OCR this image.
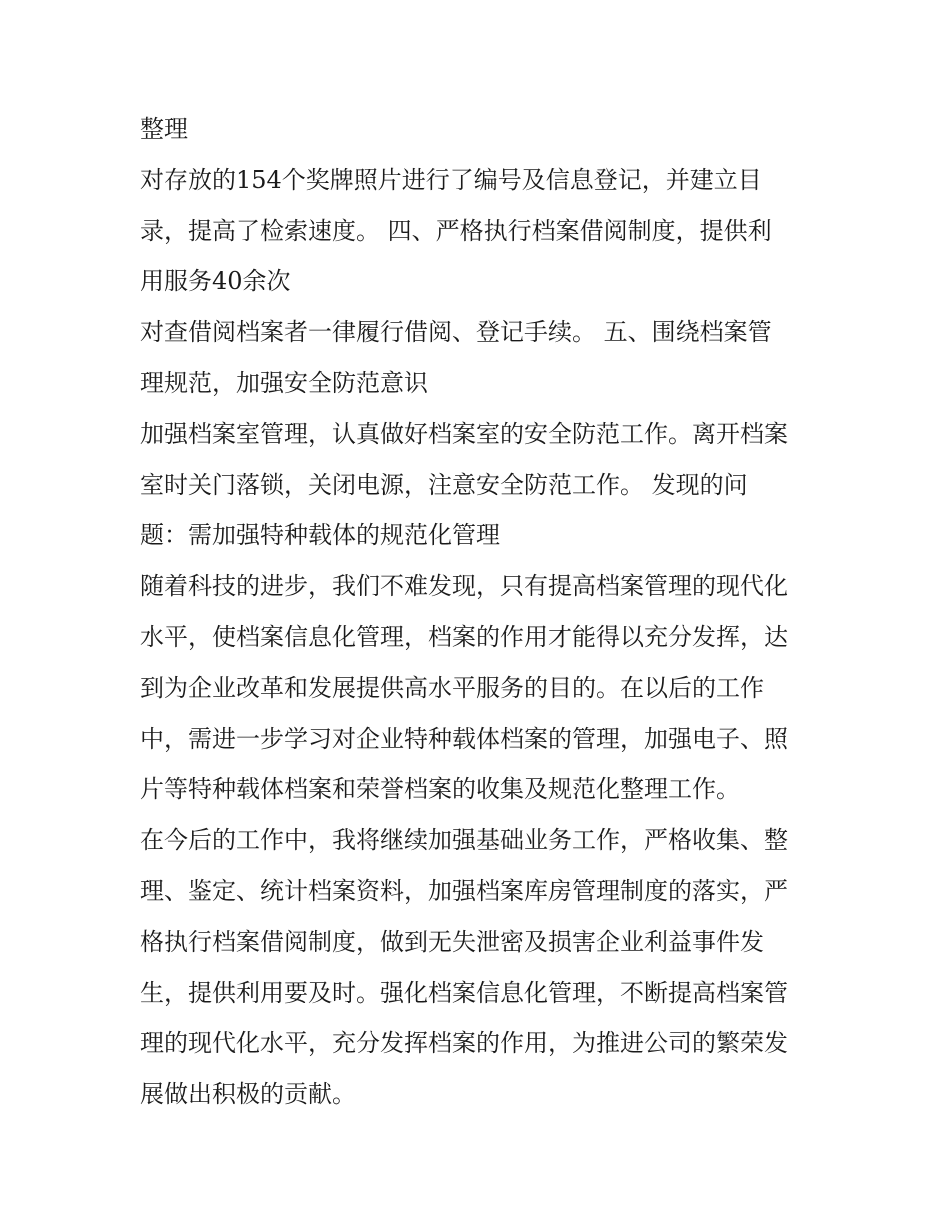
整理
对存放的154个奖牌照片进行了编号及信息登记，并建立目
录，提高了检索速度。 四、严格执行档案借阅制度，提供利
用服务40余次
对查借阅档案者一律履行借阅、登记手续。 五、围绕档案管
理规范，加强安全防范意识
加强档案室管理，认真做好档案室的安全防范工作。离开档案
室时关门落锁，关闭电源，注意安全防范工作。 发现的问
题：需加强特种载体的规范化管理
随着科技的进步，我们不难发现，只有提高档案管理的现代化
水平，使档案信息化管理，档案的作用才能得以充分发挥，达
到为企业改革和发展提供高水平服务的目的。在以后的工作
中，需进一步学习对企业特种载体档案的管理，加强电子、照
片等特种载体档案和荣誉档案的收集及规范化整理工作。
在今后的工作中，我将继续加强基础业务工作，严格收集、整
理、鉴定、统计档案资料，加强档案库房管理制度的落实，严
格执行档案借阅制度，做到无失泄密及损害企业利益事件发
生，提供利用要及时。强化档案信息化管理，不断提高档案管
理的现代化水平，充分发挥档案的作用，为推进公司的繁荣发
展做出积极的贡献。
